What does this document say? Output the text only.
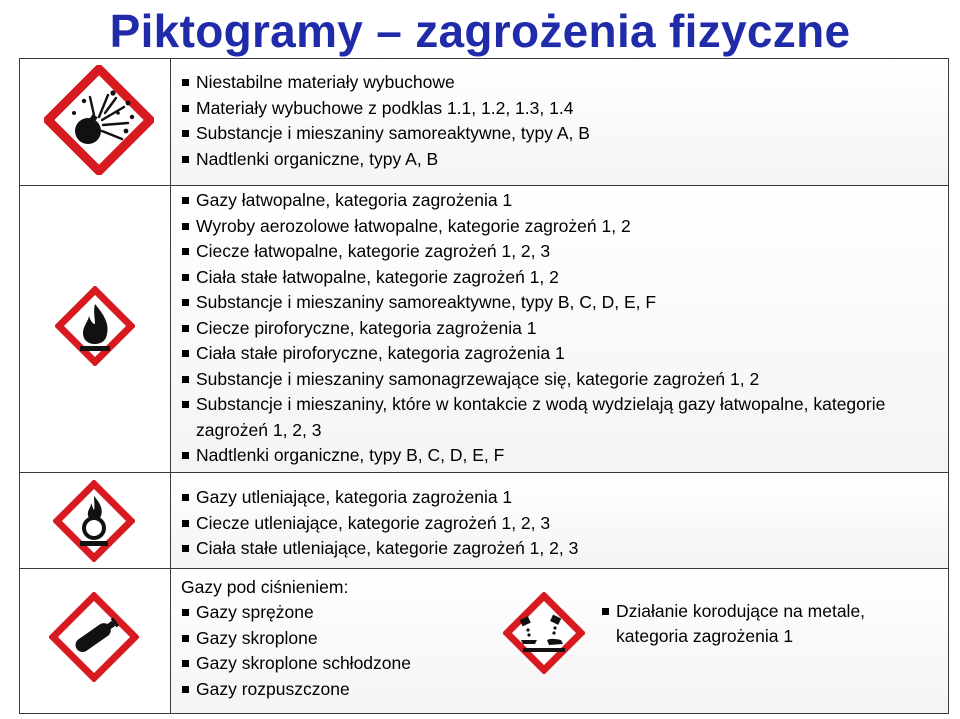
Piktogramy – zagrożenia fizyczne
Niestabilne materiały wybuchowe
Materiały wybuchowe z podklas 1.1, 1.2, 1.3, 1.4
Substancje i mieszaniny samoreaktywne, typy A, B
Nadtlenki organiczne, typy A, B
Gazy łatwopalne, kategoria zagrożenia 1
Wyroby aerozolowe łatwopalne, kategorie zagrożeń 1, 2
Ciecze łatwopalne, kategorie zagrożeń 1, 2, 3
Ciała stałe łatwopalne, kategorie zagrożeń 1, 2
Substancje i mieszaniny samoreaktywne, typy B, C, D, E, F
Ciecze piroforyczne, kategoria zagrożenia 1
Ciała stałe piroforyczne, kategoria zagrożenia 1
Substancje i mieszaniny samonagrzewające się, kategorie zagrożeń 1, 2
Substancje i mieszaniny, które w kontakcie z wodą wydzielają gazy łatwopalne, kategorie zagrożeń 1, 2, 3
Nadtlenki organiczne, typy B, C, D, E, F
Gazy utleniające, kategoria zagrożenia 1
Ciecze utleniające, kategorie zagrożeń 1, 2, 3
Ciała stałe utleniające, kategorie zagrożeń 1, 2, 3
Gazy pod ciśnieniem:
Gazy sprężone
Gazy skroplone
Gazy skroplone schłodzone
Gazy rozpuszczone
Działanie korodujące na metale, kategoria zagrożenia 1
